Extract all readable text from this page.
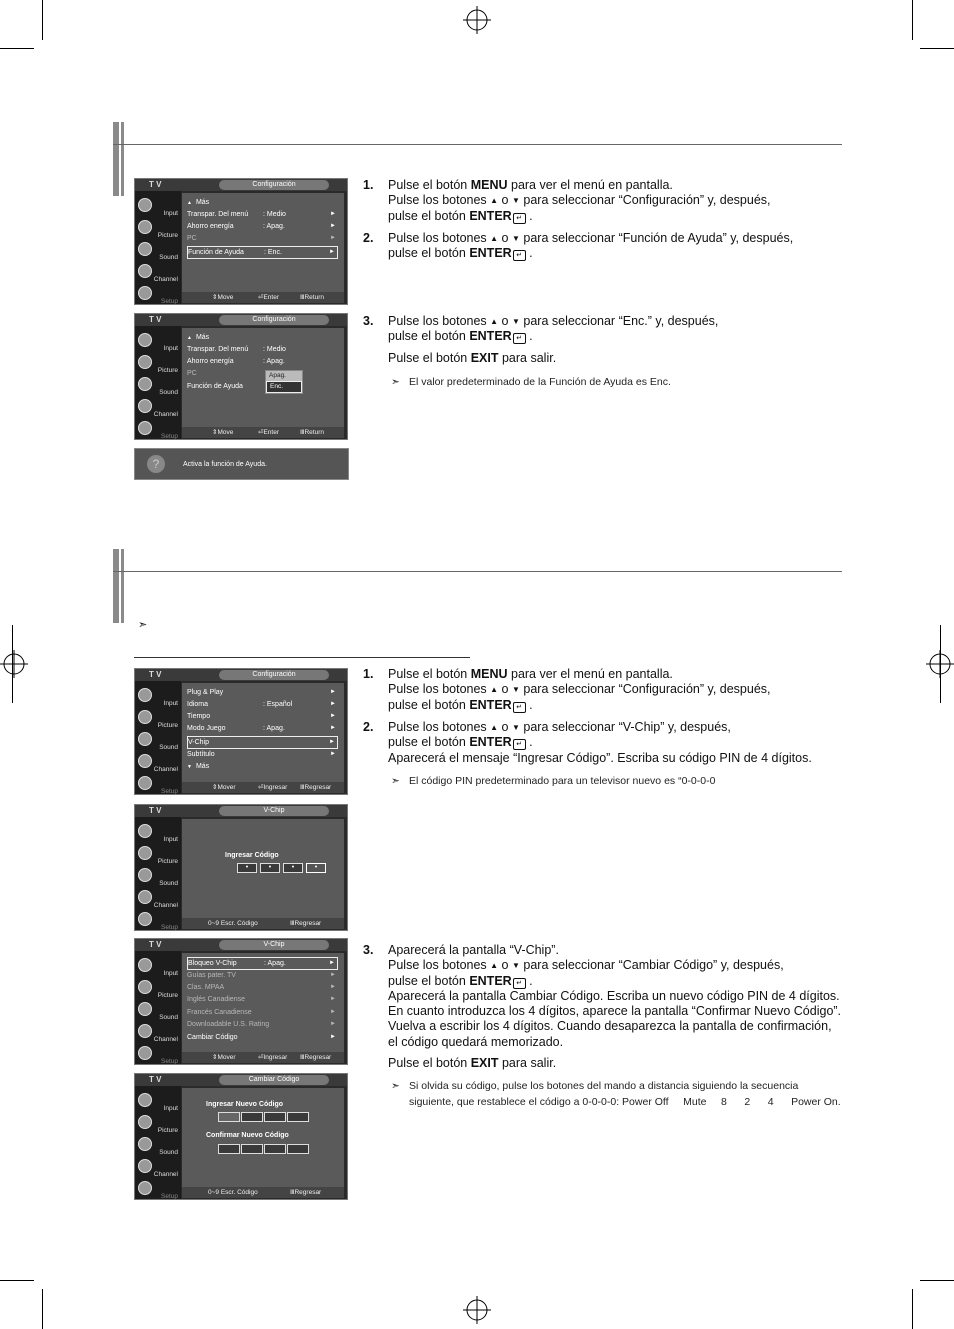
➣
T V	Configuración
Input
Picture
Sound
Channel
Setup
▲ Más
Transpar. Del menú : Medio	►
Ahorro energía	: Apag.	►
PC	►
Función de Ayuda	: Enc.	►
⇕ Move	⏎ Enter	Ⅲ Return
T V	Configuración
Input
Picture
Sound
Channel
Setup
▲ Más
Transpar. Del menú : Medio
Ahorro energía	: Apag.
PC
Función de Ayuda
Apag.
Enc.
⇕ Move	⏎ Enter	Ⅲ Return
?	Activa la función de Ayuda.
1. Pulse el botón MENU para ver el menú en pantalla.
Pulse los botones ▲ o ▼ para seleccionar “Configuración” y, después,
pulse el botón ENTER ↵ .
2. Pulse los botones ▲ o ▼ para seleccionar “Función de Ayuda” y, después,
pulse el botón ENTER ↵ .
3. Pulse los botones ▲ o ▼ para seleccionar “Enc.” y, después,
pulse el botón ENTER ↵ .
Pulse el botón EXIT para salir.
➣ El valor predeterminado de la Función de Ayuda es Enc.
T V	Configuración
Input
Picture
Sound
Channel
Setup
Plug & Play	►
Idioma	: Español	►
Tiempo	►
Modo Juego	: Apag.	►
V-Chip	►
Subtítulo	►
▼ Más
⇕ Mover	⏎ Ingresar Ⅲ Regresar
T V	V-Chip
Input
Picture
Sound
Channel
Setup
Ingresar Código
•	•	•	•
0~9 Escr. Código	Ⅲ Regresar
T V	V-Chip
Input
Picture
Sound
Channel
Setup
Bloqueo V-Chip	: Apag.	►
Guías pater. TV	►
Clas. MPAA	►
Inglés Canadiense	►
Francés Canadiense	►
Downloadable U.S. Rating	►
Cambiar Código	►
⇕ Mover	⏎ Ingresar Ⅲ Regresar
T V	Cambiar Código
Input
Picture
Sound
Channel
Setup
Ingresar Nuevo Código
Confirmar Nuevo Código
0~9 Escr. Código	Ⅲ Regresar
1. Pulse el botón MENU para ver el menú en pantalla.
Pulse los botones ▲ o ▼ para seleccionar “Configuración” y, después,
pulse el botón ENTER ↵ .
2. Pulse los botones ▲ o ▼ para seleccionar “V-Chip” y, después,
pulse el botón ENTER ↵ .
Aparecerá el mensaje “Ingresar Código”. Escriba su código PIN de 4 dígitos.
➣ El código PIN predeterminado para un televisor nuevo es “0-0-0-0
3. Aparecerá la pantalla “V-Chip”.
Pulse los botones ▲ o ▼ para seleccionar “Cambiar Código” y, después,
pulse el botón ENTER ↵ .
Aparecerá la pantalla Cambiar Código. Escriba un nuevo código PIN de 4 dígitos.
En cuanto introduzca los 4 dígitos, aparece la pantalla “Confirmar Nuevo Código”.
Vuelva a escribir los 4 dígitos. Cuando desaparezca la pantalla de confirmación,
el código quedará memorizado.
Pulse el botón EXIT para salir.
➣ Si olvida su código, pulse los botones del mando a distancia siguiendo la secuencia
siguiente, que restablece el código a 0-0-0-0: Power Off     Mute     8      2      4      Power On.
